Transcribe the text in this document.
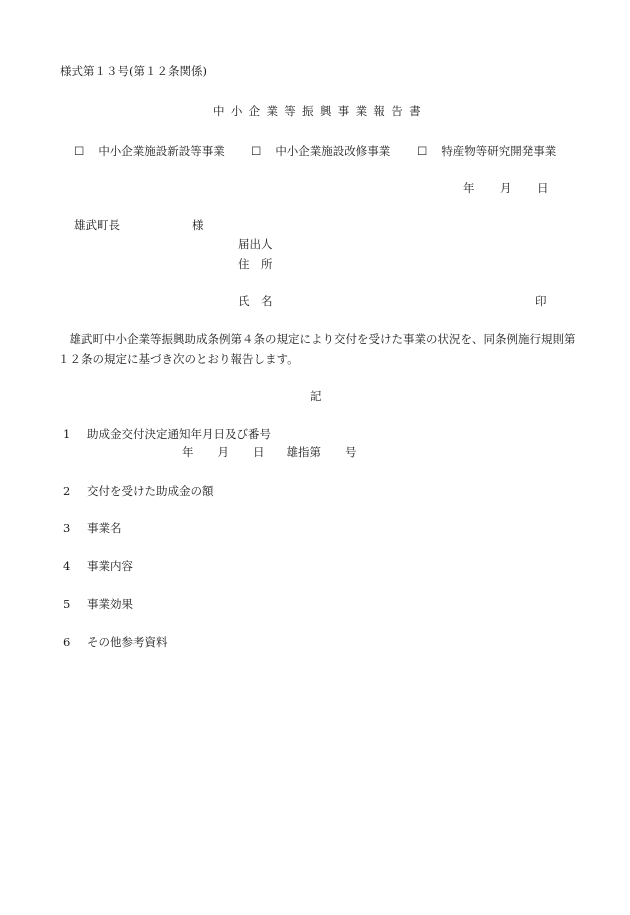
様式第１３号(第１２条関係)
中小企業等振興事業報告書
☐ 中小企業施設新設等事業 ☐ 中小企業施設改修事業 ☐ 特産物等研究開発事業
年 月 日
雄武町長	様
届出人
住　所
氏　名	印
雄武町中小企業等振興助成条例第４条の規定により交付を受けた事業の状況を、同条例施行規則第１２条の規定に基づき次のとおり報告します。
記
1 助成金交付決定通知年月日及び番号
年 月 日 雄指第 号
2 交付を受けた助成金の額
3 事業名
4 事業内容
5 事業効果
6 その他参考資料
